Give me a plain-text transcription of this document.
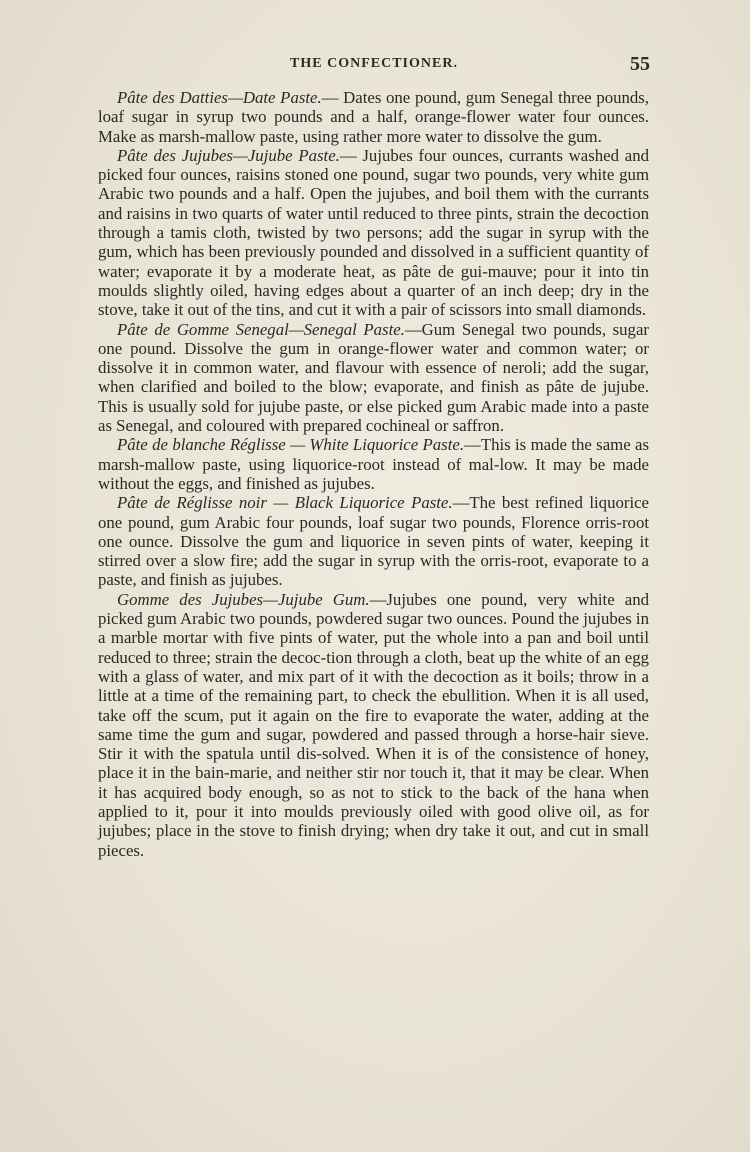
THE CONFECTIONER.	55

Pâte des Datties—Date Paste.— Dates one pound, gum Senegal three pounds, loaf sugar in syrup two pounds and a half, orange-flower water four ounces. Make as marsh-mallow paste, using rather more water to dissolve the gum.

Pâte des Jujubes—Jujube Paste.— Jujubes four ounces, currants washed and picked four ounces, raisins stoned one pound, sugar two pounds, very white gum Arabic two pounds and a half. Open the jujubes, and boil them with the currants and raisins in two quarts of water until reduced to three pints, strain the decoction through a tamis cloth, twisted by two persons; add the sugar in syrup with the gum, which has been previously pounded and dissolved in a sufficient quantity of water; evaporate it by a moderate heat, as pâte de gui-mauve; pour it into tin moulds slightly oiled, having edges about a quarter of an inch deep; dry in the stove, take it out of the tins, and cut it with a pair of scissors into small diamonds.

Pâte de Gomme Senegal—Senegal Paste.—Gum Senegal two pounds, sugar one pound. Dissolve the gum in orange-flower water and common water; or dissolve it in common water, and flavour with essence of neroli; add the sugar, when clarified and boiled to the blow; evaporate, and finish as pâte de jujube. This is usually sold for jujube paste, or else picked gum Arabic made into a paste as Senegal, and coloured with prepared cochineal or saffron.

Pâte de blanche Réglisse — White Liquorice Paste.—This is made the same as marsh-mallow paste, using liquorice-root instead of mal-low. It may be made without the eggs, and finished as jujubes.

Pâte de Réglisse noir — Black Liquorice Paste.—The best refined liquorice one pound, gum Arabic four pounds, loaf sugar two pounds, Florence orris-root one ounce. Dissolve the gum and liquorice in seven pints of water, keeping it stirred over a slow fire; add the sugar in syrup with the orris-root, evaporate to a paste, and finish as jujubes.

Gomme des Jujubes—Jujube Gum.—Jujubes one pound, very white and picked gum Arabic two pounds, powdered sugar two ounces. Pound the jujubes in a marble mortar with five pints of water, put the whole into a pan and boil until reduced to three; strain the decoc-tion through a cloth, beat up the white of an egg with a glass of water, and mix part of it with the decoction as it boils; throw in a little at a time of the remaining part, to check the ebullition. When it is all used, take off the scum, put it again on the fire to evaporate the water, adding at the same time the gum and sugar, powdered and passed through a horse-hair sieve. Stir it with the spatula until dis-solved. When it is of the consistence of honey, place it in the bain-marie, and neither stir nor touch it, that it may be clear. When it has acquired body enough, so as not to stick to the back of the hana when applied to it, pour it into moulds previously oiled with good olive oil, as for jujubes; place in the stove to finish drying; when dry take it out, and cut in small pieces.
